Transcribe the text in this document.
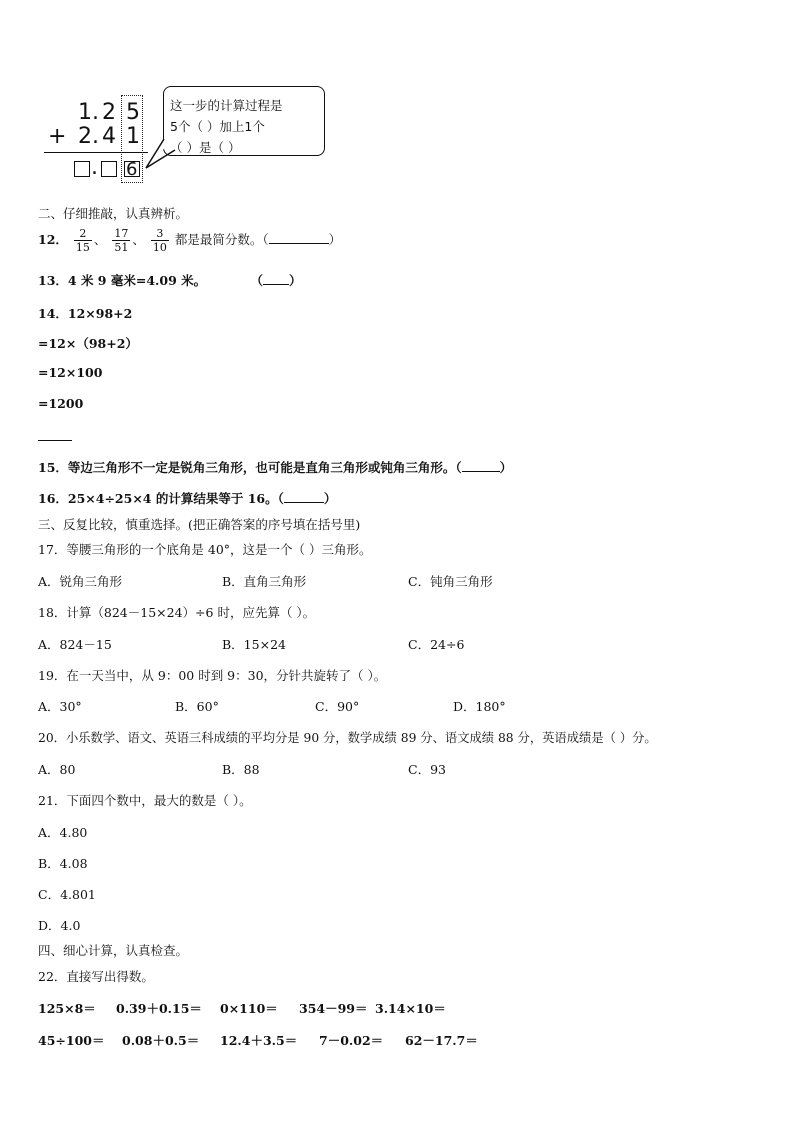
1 . 2 5
+ 2 . 4 1
. 6
这一步的计算过程是
5个（ ）加上1个
（ ）是（ ）
二、仔细推敲，认真辨析。
12． $\frac{2}{15}$ 、 $\frac{17}{51}$ 、 $\frac{3}{10}$ 都是最简分数。（	）
13．4 米 9 毫米=4.09 米。	（ ）
14．12×98+2
=12×（98+2）
=12×100
=1200
15．等边三角形不一定是锐角三角形，也可能是直角三角形或钝角三角形。（	）
16．25×4÷25×4 的计算结果等于 16。（	）
三、反复比较，慎重选择。(把正确答案的序号填在括号里)
17．等腰三角形的一个底角是 40°，这是一个（ ）三角形。
A．锐角三角形	B．直角三角形	C．钝角三角形
18．计算（824－15×24）÷6 时，应先算（ ）。
A．824－15	B．15×24	C．24÷6
19．在一天当中，从 9：00 时到 9：30，分针共旋转了（ ）。
A．30°	B．60°	C．90°	D．180°
20．小乐数学、语文、英语三科成绩的平均分是 90 分，数学成绩 89 分、语文成绩 88 分，英语成绩是（ ）分。
A．80	B．88	C．93
21．下面四个数中，最大的数是（ ）。
A．4.80
B．4.08
C．4.801
D．4.0
四、细心计算，认真检查。
22．直接写出得数。
125×8＝ 0.39＋0.15＝ 0×110＝ 354－99＝ 3.14×10＝
45÷100＝ 0.08＋0.5＝ 12.4＋3.5＝ 7－0.02＝ 62－17.7＝
